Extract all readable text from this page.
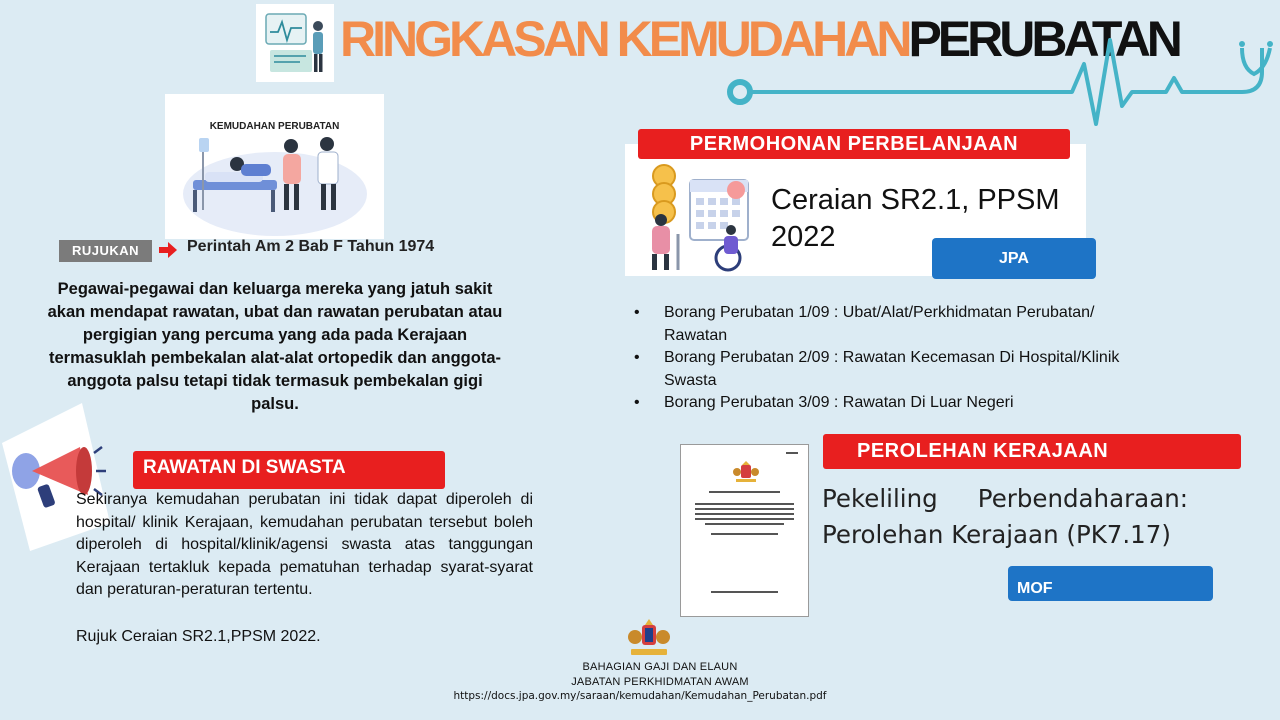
RINGKASAN KEMUDAHANPERUBATAN
KEMUDAHAN PERUBATAN
RUJUKAN	Perintah Am 2 Bab F Tahun 1974
Pegawai-pegawai dan keluarga mereka yang jatuh sakit akan mendapat rawatan, ubat dan rawatan perubatan atau pergigian yang percuma yang ada pada Kerajaan termasuklah pembekalan alat-alat ortopedik dan anggota-anggota palsu tetapi tidak termasuk pembekalan gigi palsu.
RAWATAN DI SWASTA
Sekiranya kemudahan perubatan ini tidak dapat diperoleh di hospital/ klinik Kerajaan, kemudahan perubatan tersebut boleh diperoleh di hospital/klinik/agensi swasta atas tanggungan Kerajaan tertakluk kepada pematuhan terhadap syarat-syarat dan peraturan-peraturan tertentu.
Rujuk Ceraian SR2.1,PPSM 2022.
PERMOHONAN PERBELANJAAN
Ceraian SR2.1, PPSM
2022
JPA
• Borang Perubatan 1/09 : Ubat/Alat/Perkhidmatan Perubatan/
Rawatan
• Borang Perubatan 2/09 : Rawatan Kecemasan Di Hospital/Klinik
Swasta
• Borang Perubatan 3/09 : Rawatan Di Luar Negeri
PEROLEHAN KERAJAAN
Pekeliling Perbendaharaan:
Perolehan Kerajaan (PK7.17)
MOF
BAHAGIAN GAJI DAN ELAUN
JABATAN PERKHIDMATAN AWAM
https://docs.jpa.gov.my/saraan/kemudahan/Kemudahan_Perubatan.pdf
